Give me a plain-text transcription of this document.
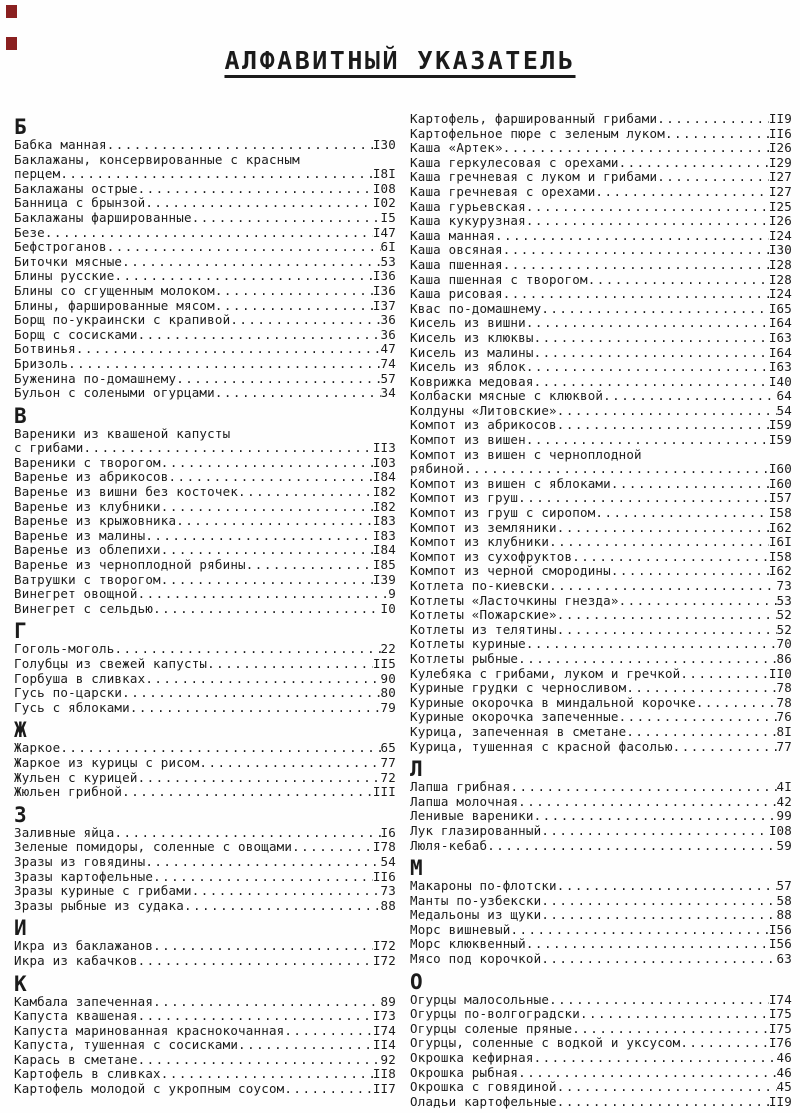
АЛФАВИТНЫЙ УКАЗАТЕЛЬ
Б
Бабка манная .....	I30
Баклажаны, консервированные с красным
перцем .....	I8I
Баклажаны острые .....	I08
Банница с брынзой .....	I02
Баклажаны фаршированные .....	I5
Безе .....	I47
Бефстроганов .....	6I
Биточки мясные .....	53
Блины русские .....	I36
Блины со сгущенным молоком .....	I36
Блины, фаршированные мясом .....	I37
Борщ по-украински с крапивой .....	36
Борщ с сосисками .....	36
Ботвинья .....	47
Бризоль .....	74
Буженина по-домашнему .....	57
Бульон с солеными огурцами .....	34
В
Вареники из квашеной капусты
с грибами .....	II3
Вареники с творогом .....	I03
Варенье из абрикосов .....	I84
Варенье из вишни без косточек .....	I82
Варенье из клубники .....	I82
Варенье из крыжовника .....	I83
Варенье из малины .....	I83
Варенье из облепихи .....	I84
Варенье из черноплодной рябины .....	I85
Ватрушки с творогом .....	I39
Винегрет овощной .....	9
Винегрет с сельдью .....	I0
Г
Гоголь-моголь .....	22
Голубцы из свежей капусты .....	II5
Горбуша в сливках .....	90
Гусь по-царски .....	80
Гусь с яблоками .....	79
Ж
Жаркое .....	65
Жаркое из курицы с рисом .....	77
Жульен с курицей .....	72
Жюльен грибной .....	III
З
Заливные яйца .....	I6
Зеленые помидоры, соленные с овощами .....	I78
Зразы из говядины .....	54
Зразы картофельные .....	II6
Зразы куриные с грибами .....	73
Зразы рыбные из судака .....	88
И
Икра из баклажанов .....	I72
Икра из кабачков .....	I72
К
Камбала запеченная .....	89
Капуста квашеная .....	I73
Капуста маринованная краснокочанная .....	I74
Капуста, тушенная с сосисками .....	II4
Карась в сметане .....	92
Картофель в сливках .....	II8
Картофель молодой с укропным соусом .....	II7
Картофель, фаршированный грибами .....	II9
Картофельное пюре с зеленым луком .....	II6
Каша «Артек» .....	I26
Каша геркулесовая с орехами .....	I29
Каша гречневая с луком и грибами .....	I27
Каша гречневая с орехами .....	I27
Каша гурьевская .....	I25
Каша кукурузная .....	I26
Каша манная .....	I24
Каша овсяная .....	I30
Каша пшенная .....	I28
Каша пшенная с творогом .....	I28
Каша рисовая .....	I24
Квас по-домашнему .....	I65
Кисель из вишни .....	I64
Кисель из клюквы .....	I63
Кисель из малины .....	I64
Кисель из яблок .....	I63
Коврижка медовая .....	I40
Колбаски мясные с клюквой .....	64
Колдуны «Литовские» .....	54
Компот из абрикосов .....	I59
Компот из вишен .....	I59
Компот из вишен с черноплодной
рябиной .....	I60
Компот из вишен с яблоками .....	I60
Компот из груш .....	I57
Компот из груш с сиропом .....	I58
Компот из земляники .....	I62
Компот из клубники .....	I6I
Компот из сухофруктов .....	I58
Компот из черной смородины .....	I62
Котлета по-киевски .....	73
Котлеты «Ласточкины гнезда» .....	53
Котлеты «Пожарские» .....	52
Котлеты из телятины .....	52
Котлеты куриные .....	70
Котлеты рыбные .....	86
Кулебяка с грибами, луком и гречкой .....	II0
Куриные грудки с черносливом .....	78
Куриные окорочка в миндальной корочке .....	78
Куриные окорочка запеченные .....	76
Курица, запеченная в сметане .....	8I
Курица, тушенная с красной фасолью .....	77
Л
Лапша грибная .....	4I
Лапша молочная .....	42
Ленивые вареники .....	99
Лук глазированный .....	I08
Люля-кебаб .....	59
М
Макароны по-флотски .....	57
Манты по-узбекски .....	58
Медальоны из щуки .....	88
Морс вишневый .....	I56
Морс клюквенный .....	I56
Мясо под корочкой .....	63
О
Огурцы малосольные .....	I74
Огурцы по-волгоградски .....	I75
Огурцы соленые пряные .....	I75
Огурцы, соленные с водкой и уксусом .....	I76
Окрошка кефирная .....	46
Окрошка рыбная .....	46
Окрошка с говядиной .....	45
Оладьи картофельные .....	II9
